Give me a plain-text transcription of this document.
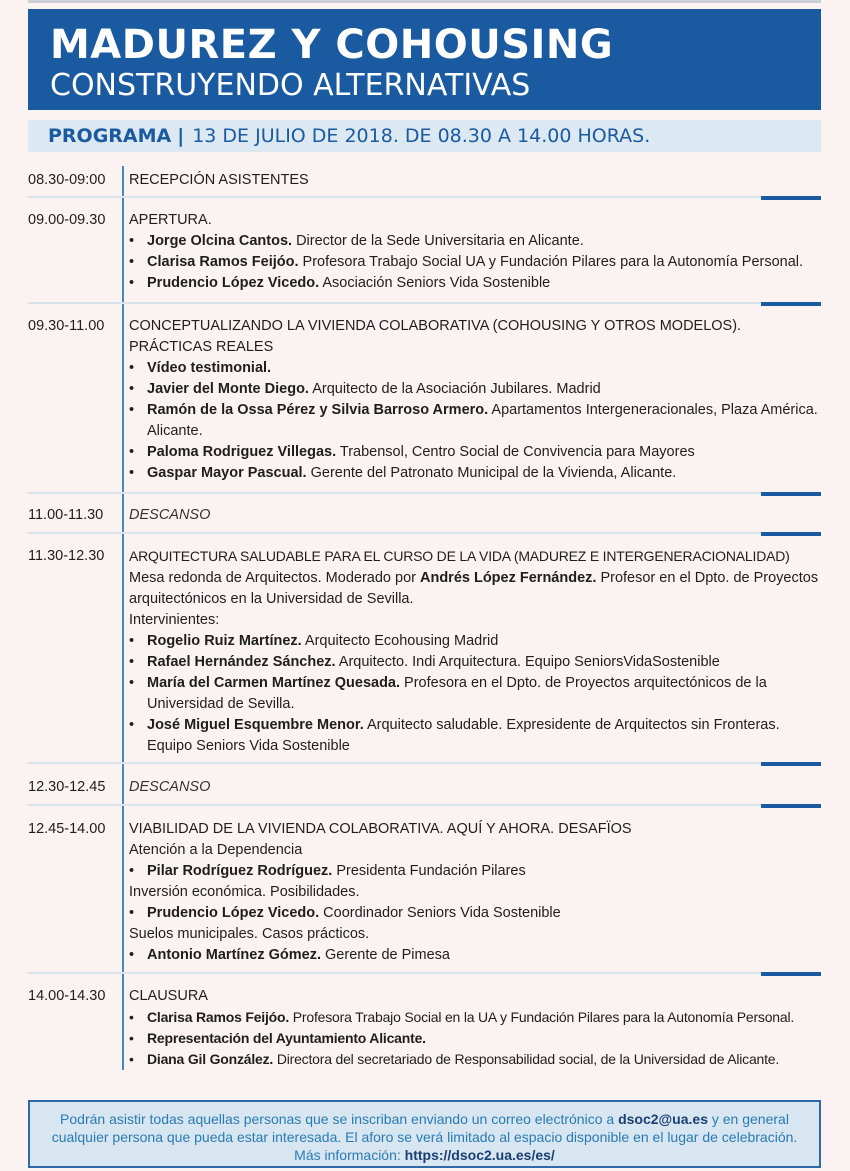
MADUREZ Y COHOUSING
CONSTRUYENDO ALTERNATIVAS
PROGRAMA | 13 DE JULIO DE 2018. DE 08.30 A 14.00 HORAS.
08.30-09:00	RECEPCIÓN ASISTENTES
09.00-09.30	APERTURA.
• Jorge Olcina Cantos. Director de la Sede Universitaria en Alicante.
• Clarisa Ramos Feijóo. Profesora Trabajo Social UA y Fundación Pilares para la Autonomía Personal.
• Prudencio López Vicedo. Asociación Seniors Vida Sostenible
09.30-11.00	CONCEPTUALIZANDO LA VIVIENDA COLABORATIVA (COHOUSING Y OTROS MODELOS). PRÁCTICAS REALES
• Vídeo testimonial.
• Javier del Monte Diego. Arquitecto de la Asociación Jubilares. Madrid
• Ramón de la Ossa Pérez y Silvia Barroso Armero. Apartamentos Intergeneracionales, Plaza América. Alicante.
• Paloma Rodriguez Villegas. Trabensol, Centro Social de Convivencia para Mayores
• Gaspar Mayor Pascual. Gerente del Patronato Municipal de la Vivienda, Alicante.
11.00-11.30	DESCANSO
11.30-12.30	ARQUITECTURA SALUDABLE PARA EL CURSO DE LA VIDA (MADUREZ E INTERGENERACIONALIDAD)
Mesa redonda de Arquitectos. Moderado por Andrés López Fernández. Profesor en el Dpto. de Proyectos arquitectónicos en la Universidad de Sevilla.
Intervinientes:
• Rogelio Ruiz Martínez. Arquitecto Ecohousing Madrid
• Rafael Hernández Sánchez. Arquitecto. Indi Arquitectura. Equipo SeniorsVidaSostenible
• María del Carmen Martínez Quesada. Profesora en el Dpto. de Proyectos arquitectónicos de la Universidad de Sevilla.
• José Miguel Esquembre Menor. Arquitecto saludable. Expresidente de Arquitectos sin Fronteras. Equipo Seniors Vida Sostenible
12.30-12.45	DESCANSO
12.45-14.00	VIABILIDAD DE LA VIVIENDA COLABORATIVA. AQUÍ Y AHORA. DESAFÏOS
Atención a la Dependencia
• Pilar Rodríguez Rodríguez. Presidenta Fundación Pilares
Inversión económica. Posibilidades.
• Prudencio López Vicedo. Coordinador Seniors Vida Sostenible
Suelos municipales. Casos prácticos.
• Antonio Martínez Gómez. Gerente de Pimesa
14.00-14.30	CLAUSURA
• Clarisa Ramos Feijóo. Profesora Trabajo Social en la UA y Fundación Pilares para la Autonomía Personal.
• Representación del Ayuntamiento Alicante.
• Diana Gil González. Directora del secretariado de Responsabilidad social, de la Universidad de Alicante.
Podrán asistir todas aquellas personas que se inscriban enviando un correo electrónico a dsoc2@ua.es y en general
cualquier persona que pueda estar interesada. El aforo se verá limitado al espacio disponible en el lugar de celebración.
Más información: https://dsoc2.ua.es/es/
